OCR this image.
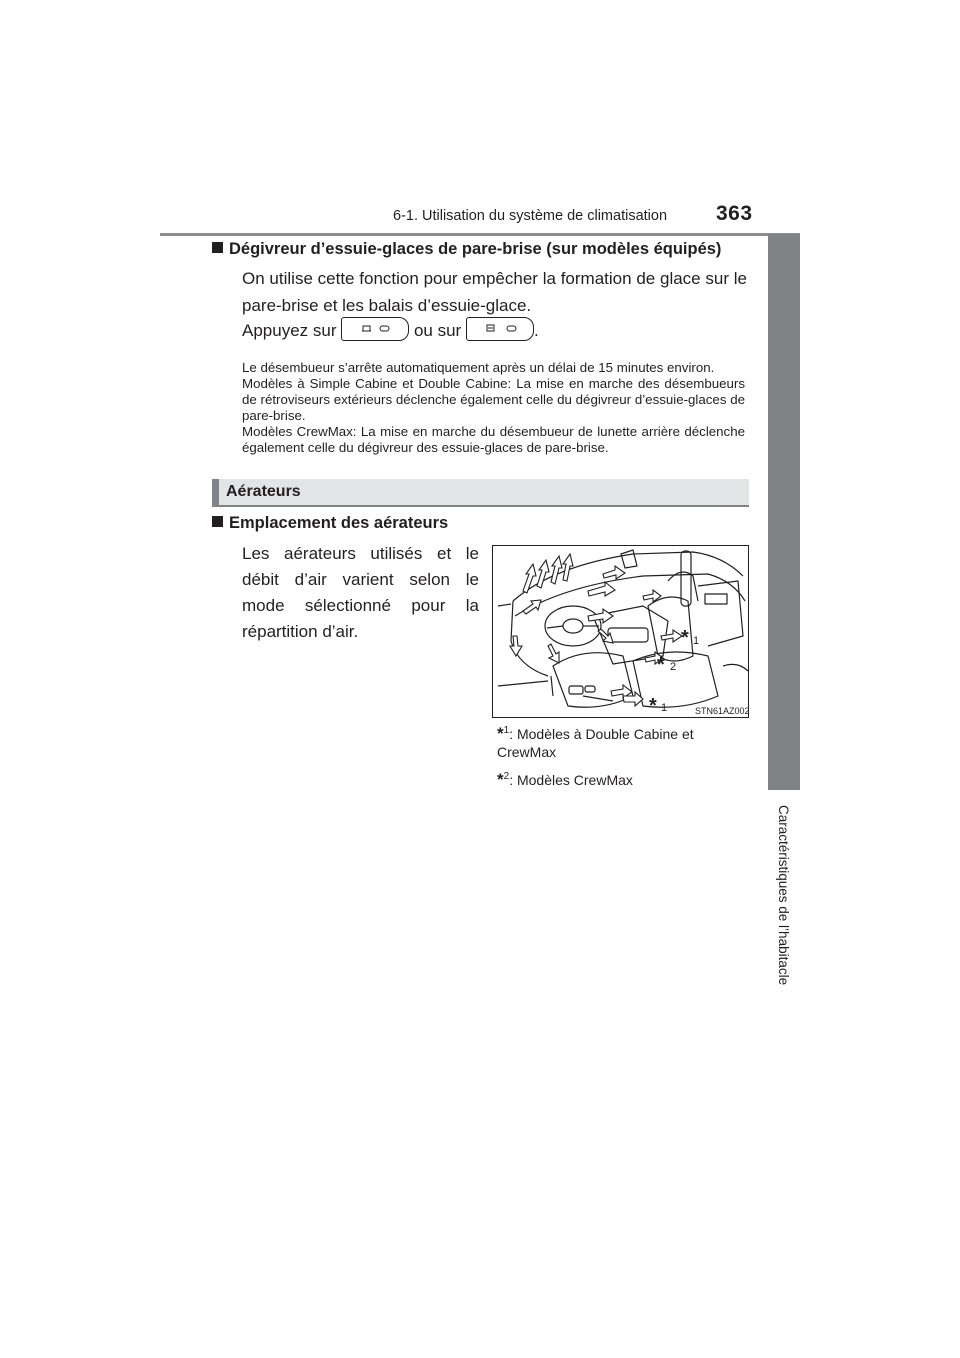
6-1. Utilisation du système de climatisation 363
6
Caractéristiques de l’habitacle
Dégivreur d’essuie-glaces de pare-brise (sur modèles équipés)
On utilise cette fonction pour empêcher la formation de glace sur le pare-brise et les balais d’essuie-glace.
Appuyez sur	ou sur	.
Le désembueur s’arrête automatiquement après un délai de 15 minutes environ.
Modèles à Simple Cabine et Double Cabine: La mise en marche des désembueurs de rétroviseurs extérieurs déclenche également celle du dégivreur d’essuie-glaces de pare-brise.
Modèles CrewMax: La mise en marche du désembueur de lunette arrière déclenche également celle du dégivreur des essuie-glaces de pare-brise.
Aérateurs
Emplacement des aérateurs
Les aérateurs utilisés et le débit d’air varient selon le mode sélectionné pour la répartition d’air.	* 1
* 2
* 1	STN61AZ002
*$^1$: Modèles à Double Cabine et CrewMax
*$^2$: Modèles CrewMax
